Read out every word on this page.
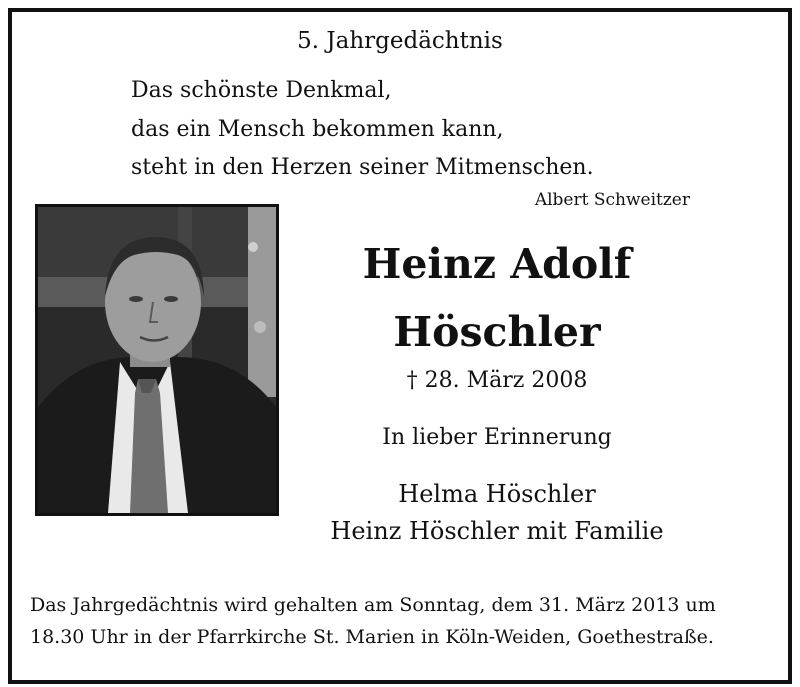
5. Jahrgedächtnis
Das schönste Denkmal,
das ein Mensch bekommen kann,
steht in den Herzen seiner Mitmenschen.
Albert Schweitzer
Heinz Adolf
Höschler
† 28. März 2008
In lieber Erinnerung
Helma Höschler
Heinz Höschler mit Familie
Das Jahrgedächtnis wird gehalten am Sonntag, dem 31. März 2013 um
18.30 Uhr in der Pfarrkirche St. Marien in Köln-Weiden, Goethestraße.
